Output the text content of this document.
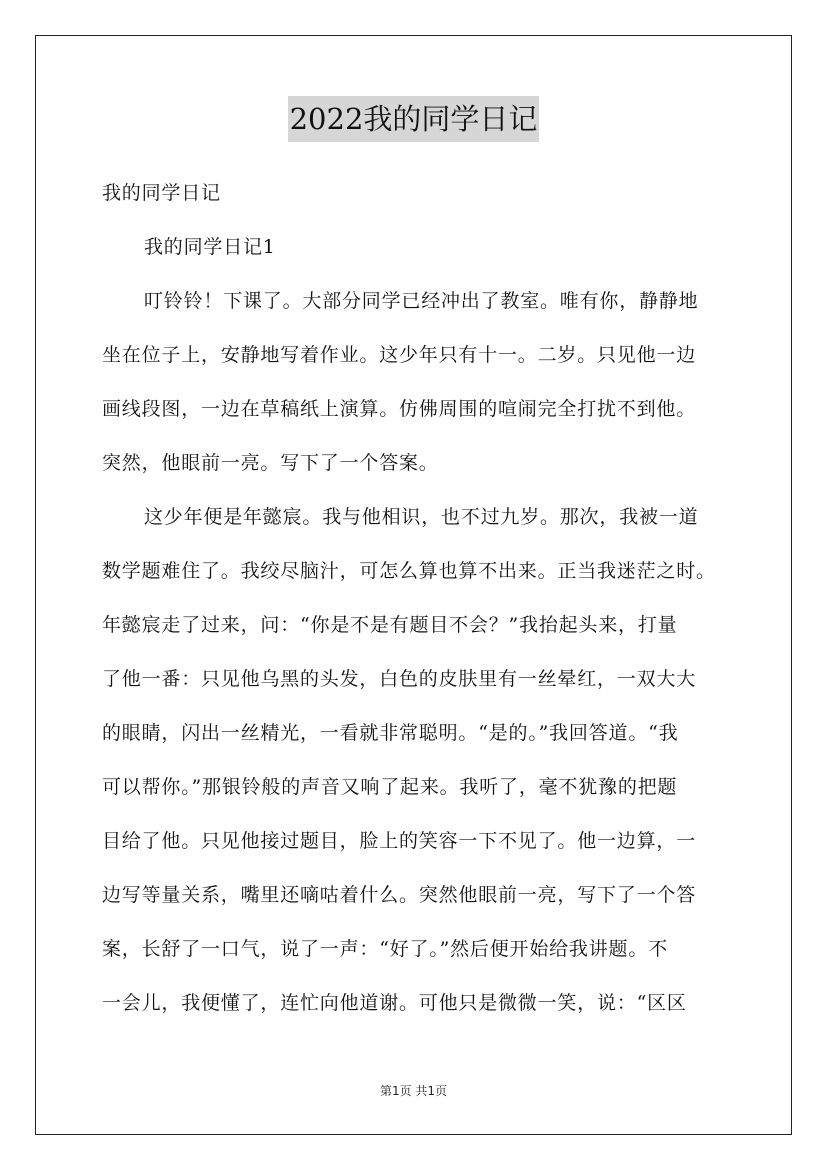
2022我的同学日记
我的同学日记
我的同学日记1
叮铃铃！下课了。大部分同学已经冲出了教室。唯有你，静静地
坐在位子上，安静地写着作业。这少年只有十一。二岁。只见他一边
画线段图，一边在草稿纸上演算。仿佛周围的喧闹完全打扰不到他。
突然，他眼前一亮。写下了一个答案。
这少年便是年懿宸。我与他相识，也不过九岁。那次，我被一道
数学题难住了。我绞尽脑汁，可怎么算也算不出来。正当我迷茫之时。
年懿宸走了过来，问：“你是不是有题目不会？”我抬起头来，打量
了他一番：只见他乌黑的头发，白色的皮肤里有一丝晕红，一双大大
的眼睛，闪出一丝精光，一看就非常聪明。“是的。”我回答道。“我
可以帮你。”那银铃般的声音又响了起来。我听了，毫不犹豫的把题
目给了他。只见他接过题目，脸上的笑容一下不见了。他一边算，一
边写等量关系，嘴里还嘀咕着什么。突然他眼前一亮，写下了一个答
案，长舒了一口气，说了一声：“好了。”然后便开始给我讲题。不
一会儿，我便懂了，连忙向他道谢。可他只是微微一笑，说：“区区
第1页 共1页
